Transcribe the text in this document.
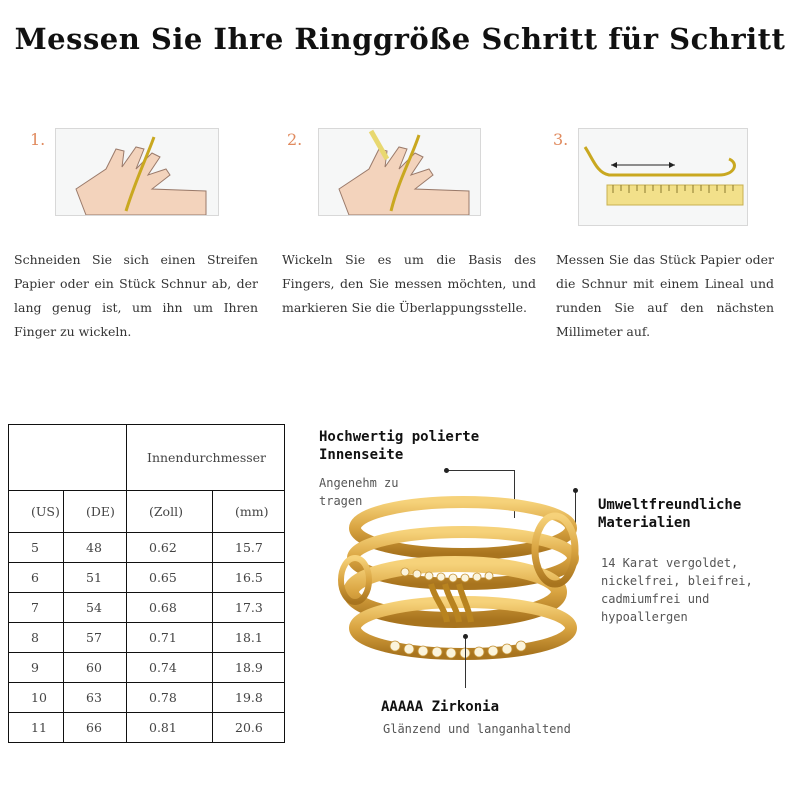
Messen Sie Ihre Ringgröße Schritt für Schritt
1.
Schneiden Sie sich einen Streifen Papier oder ein Stück Schnur ab, der lang genug ist, um ihn um Ihren Finger zu wickeln.
2.
Wickeln Sie es um die Basis des Fingers, den Sie messen möchten, und markieren Sie die Überlappungsstelle.
3.
Messen Sie das Stück Papier oder die Schnur mit einem Lineal und runden Sie auf den nächsten Millimeter auf.
		Innendurchmesser	
(US)	(DE)	(Zoll)	(mm)
5	48	0.62	15.7
6	51	0.65	16.5
7	54	0.68	17.3
8	57	0.71	18.1
9	60	0.74	18.9
10	63	0.78	19.8
11	66	0.81	20.6
Hochwertig polierte
Innenseite
Angenehm zu
tragen	Umweltfreundliche
Materialien
14 Karat vergoldet,
nickelfrei, bleifrei,
cadmiumfrei und
hypoallergen
AAAAA Zirkonia
Glänzend und langanhaltend
